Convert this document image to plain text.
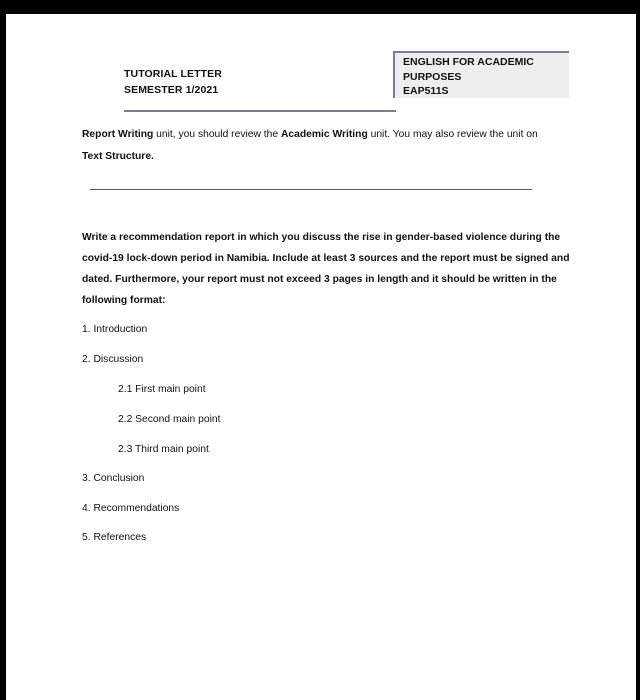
TUTORIAL LETTER
SEMESTER 1/2021
ENGLISH FOR ACADEMIC
PURPOSES
EAP511S
Report Writing unit, you should review the Academic Writing unit. You may also review the unit on
Text Structure.
Write a recommendation report in which you discuss the rise in gender-based violence during the
covid-19 lock-down period in Namibia. Include at least 3 sources and the report must be signed and
dated. Furthermore, your report must not exceed 3 pages in length and it should be written in the
following format:
1. Introduction
2. Discussion
2.1 First main point
2.2 Second main point
2.3 Third main point
3. Conclusion
4. Recommendations
5. References
